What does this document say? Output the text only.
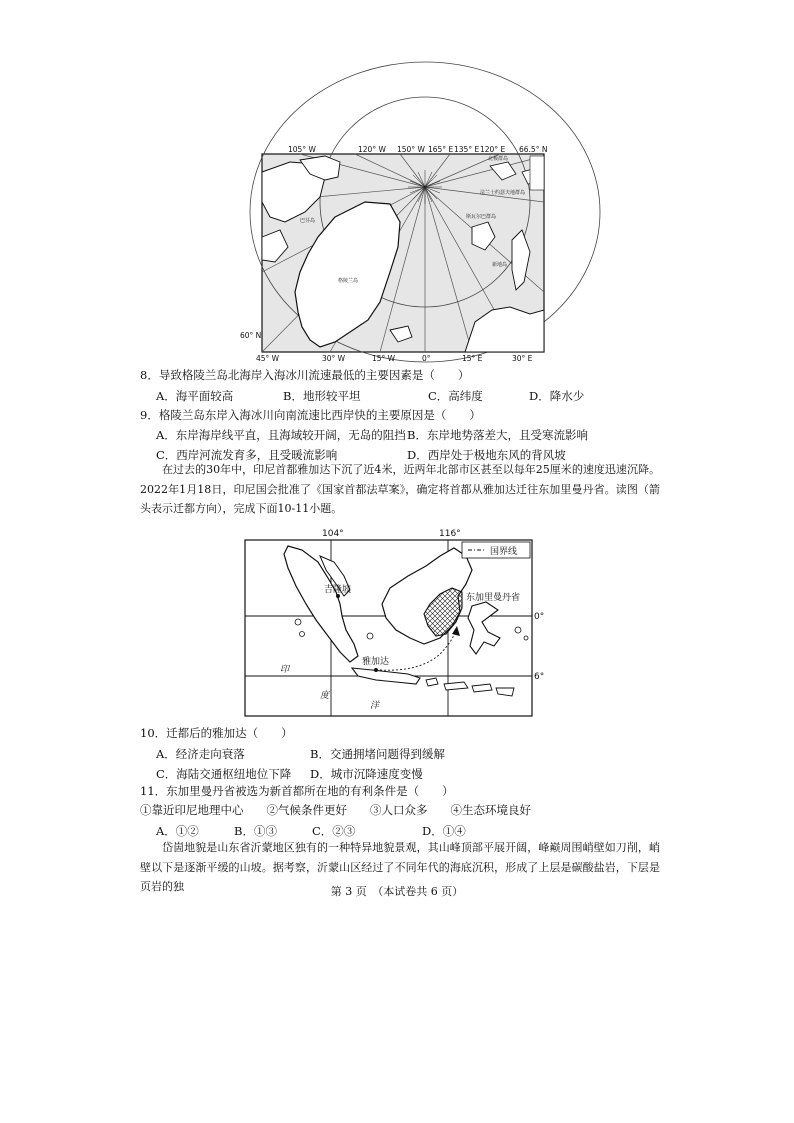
格陵兰岛
巴芬岛
斯瓦尔巴群岛
新地岛
北极群岛
法兰士约瑟夫地群岛
105° W	120° W 150° W 165° E 135° E 120° E 66.5° N
60° N
45° W	30° W	15° W	0°	15° E	30° E
8．导致格陵兰岛北海岸入海冰川流速最低的主要因素是（　　）
A．海平面较高	B．地形较平坦	C．高纬度	D．降水少
9．格陵兰岛东岸入海冰川向南流速比西岸快的主要原因是（　　）
A．东岸海岸线平直，且海域较开阔，无岛的阻挡 B．东岸地势落差大，且受寒流影响
C．西岸河流发育多，且受暖流影响	D．西岸处于极地东风的背风坡
在过去的30年中，印尼首都雅加达下沉了近4米，近两年北部市区甚至以每年25厘米的速度迅速沉降。2022年1月18日，印尼国会批准了《国家首都法草案》，确定将首都从雅加达迁往东加里曼丹省。读图（箭头表示迁都方向），完成下面10-11小题。
国界线
104°	116°
0°
6°
吉隆坡
东加里曼丹省
雅加达
印
度
洋
10．迁都后的雅加达（　　）
A．经济走向衰落	B．交通拥堵问题得到缓解
C．海陆交通枢纽地位下降 D．城市沉降速度变慢
11．东加里曼丹省被选为新首都所在地的有利条件是（　　）
①靠近印尼地理中心　　②气候条件更好　　③人口众多　　④生态环境良好
A．①②	B．①③	C．②③	D．①④
岱崮地貌是山东省沂蒙地区独有的一种特异地貌景观，其山峰顶部平展开阔，峰巅周围峭壁如刀削，峭壁以下是逐渐平缓的山坡。据考察，沂蒙山区经过了不同年代的海底沉积，形成了上层是碳酸盐岩，下层是页岩的独	第 3 页　（本试卷共 6 页）
